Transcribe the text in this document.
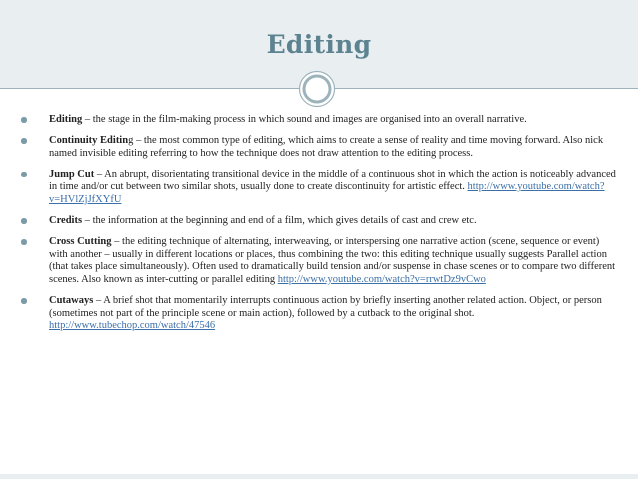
Editing
Editing – the stage in the film-making process in which sound and images are organised into an overall narrative.
Continuity Editing – the most common type of editing, which aims to create a sense of reality and time moving forward. Also nick named invisible editing referring to how the technique does not draw attention to the editing process.
Jump Cut – An abrupt, disorientating transitional device in the middle of a continuous shot in which the action is noticeably advanced in time and/or cut between two similar shots, usually done to create discontinuity for artistic effect. http://www.youtube.com/watch?v=HVlZjJfXYfU
Credits – the information at the beginning and end of a film, which gives details of cast and crew etc.
Cross Cutting – the editing technique of alternating, interweaving, or interspersing one narrative action (scene, sequence or event) with another – usually in different locations or places, thus combining the two: this editing technique usually suggests Parallel action (that takes place simultaneously). Often used to dramatically build tension and/or suspense in chase scenes or to compare two different scenes. Also known as inter-cutting or parallel editing http://www.youtube.com/watch?v=rrwtDz9vCwo
Cutaways – A brief shot that momentarily interrupts continuous action by briefly inserting another related action. Object, or person (sometimes not part of the principle scene or main action), followed by a cutback to the original shot. http://www.tubechop.com/watch/47546
